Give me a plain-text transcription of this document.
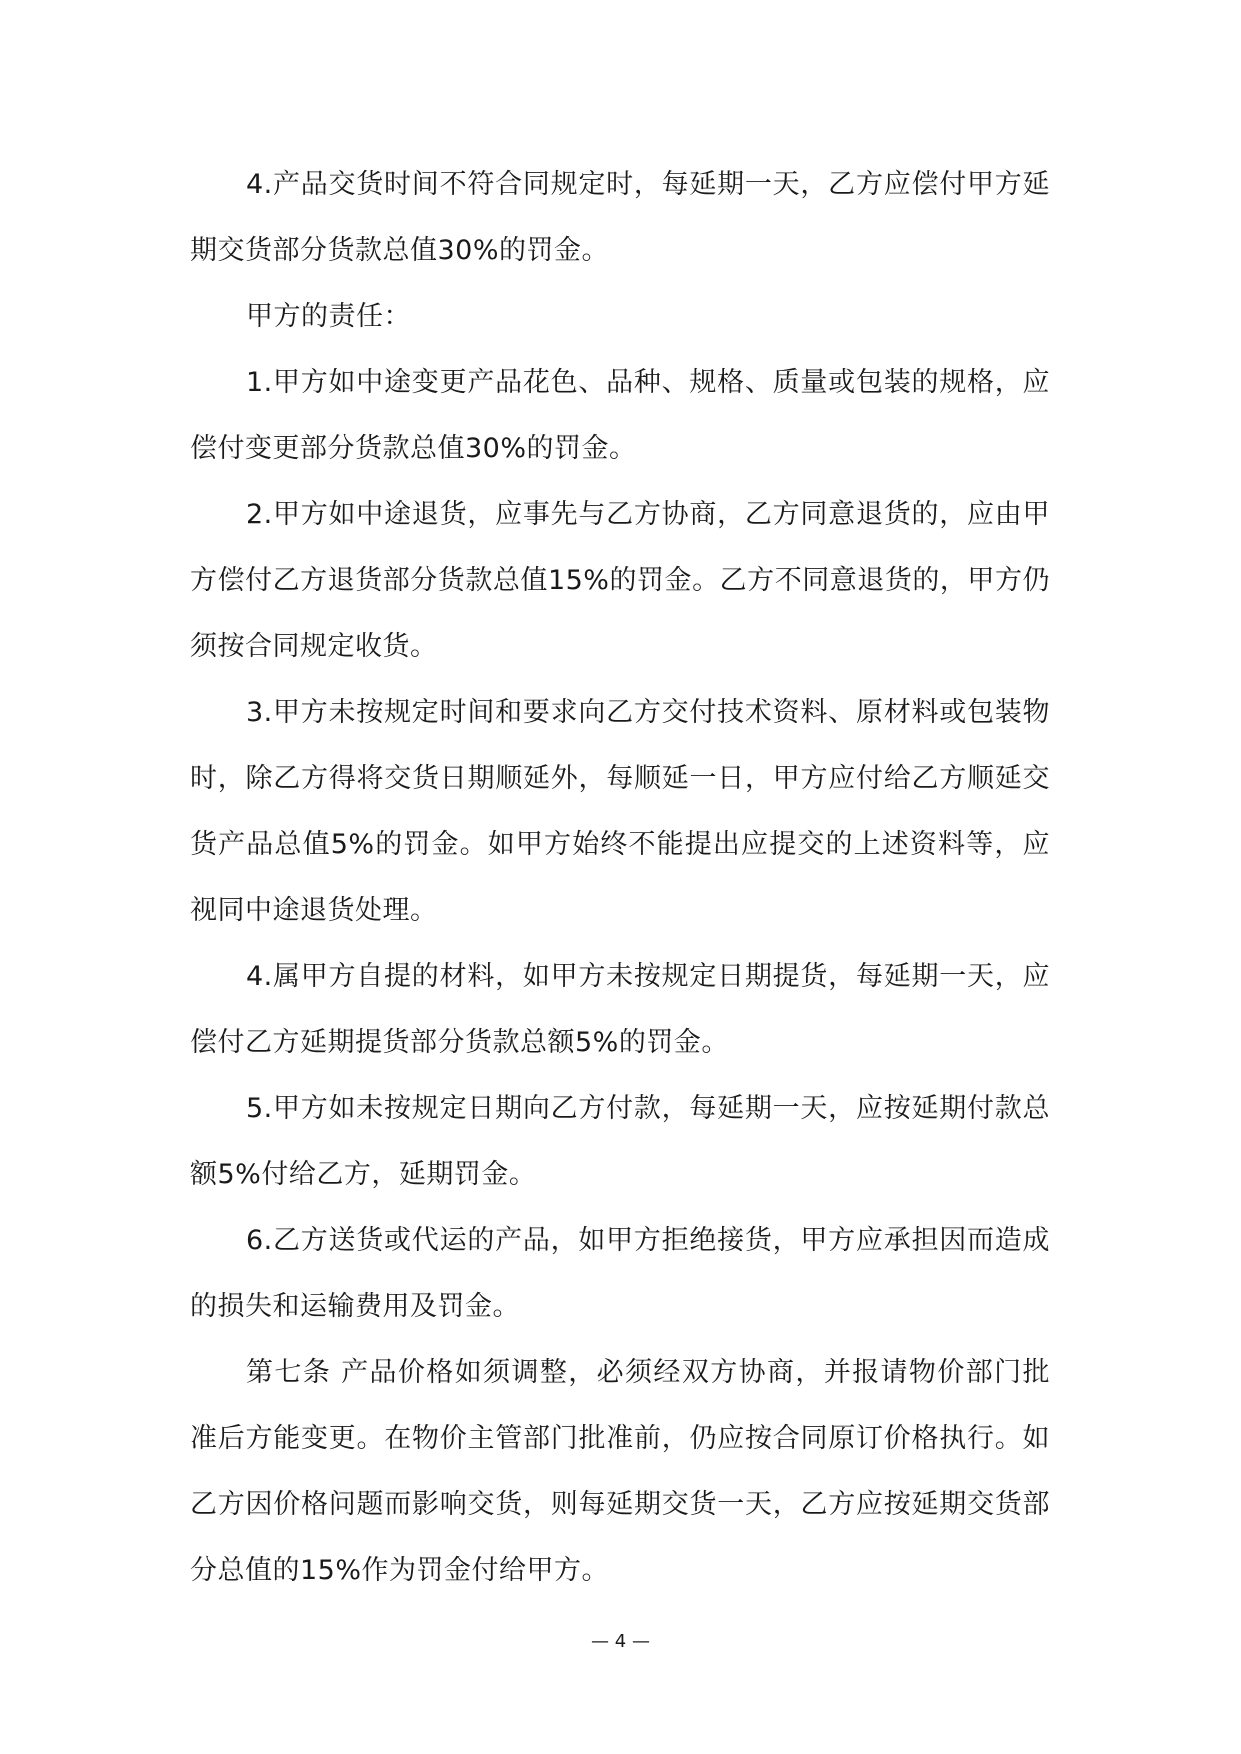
4.产品交货时间不符合同规定时，每延期一天，乙方应偿付甲方延期交货部分货款总值30%的罚金。

甲方的责任：

1.甲方如中途变更产品花色、品种、规格、质量或包装的规格，应偿付变更部分货款总值30%的罚金。

2.甲方如中途退货，应事先与乙方协商，乙方同意退货的，应由甲方偿付乙方退货部分货款总值15%的罚金。乙方不同意退货的，甲方仍须按合同规定收货。

3.甲方未按规定时间和要求向乙方交付技术资料、原材料或包装物时，除乙方得将交货日期顺延外，每顺延一日，甲方应付给乙方顺延交货产品总值5%的罚金。如甲方始终不能提出应提交的上述资料等，应视同中途退货处理。

4.属甲方自提的材料，如甲方未按规定日期提货，每延期一天，应偿付乙方延期提货部分货款总额5%的罚金。

5.甲方如未按规定日期向乙方付款，每延期一天，应按延期付款总额5%付给乙方，延期罚金。

6.乙方送货或代运的产品，如甲方拒绝接货，甲方应承担因而造成的损失和运输费用及罚金。

第七条 产品价格如须调整，必须经双方协商，并报请物价部门批准后方能变更。在物价主管部门批准前，仍应按合同原订价格执行。如乙方因价格问题而影响交货，则每延期交货一天，乙方应按延期交货部分总值的15%作为罚金付给甲方。

— 4 —
